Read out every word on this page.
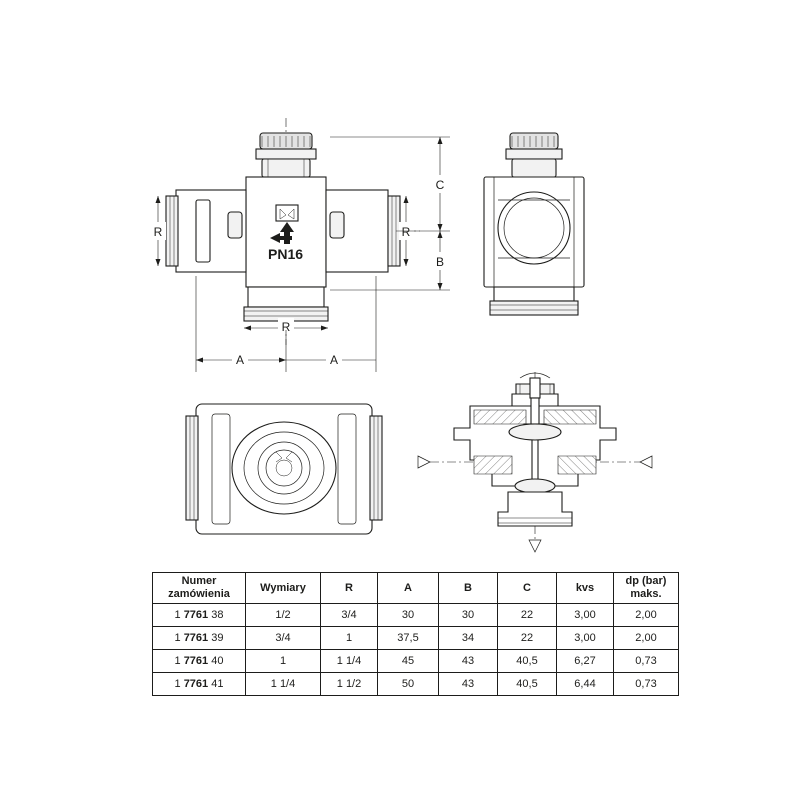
PN16
R	R
R
A	A
C
B
Numer
zamówienia	Wymiary	R	A	B	C	kvs	dp (bar)
maks.

1 7761 38	1/2	3/4	30	30	22	3,00	2,00
1 7761 39	3/4	1	37,5	34	22	3,00	2,00
1 7761 40	1	1 1/4	45	43	40,5	6,27	0,73
1 7761 41	1 1/4	1 1/2	50	43	40,5	6,44	0,73
